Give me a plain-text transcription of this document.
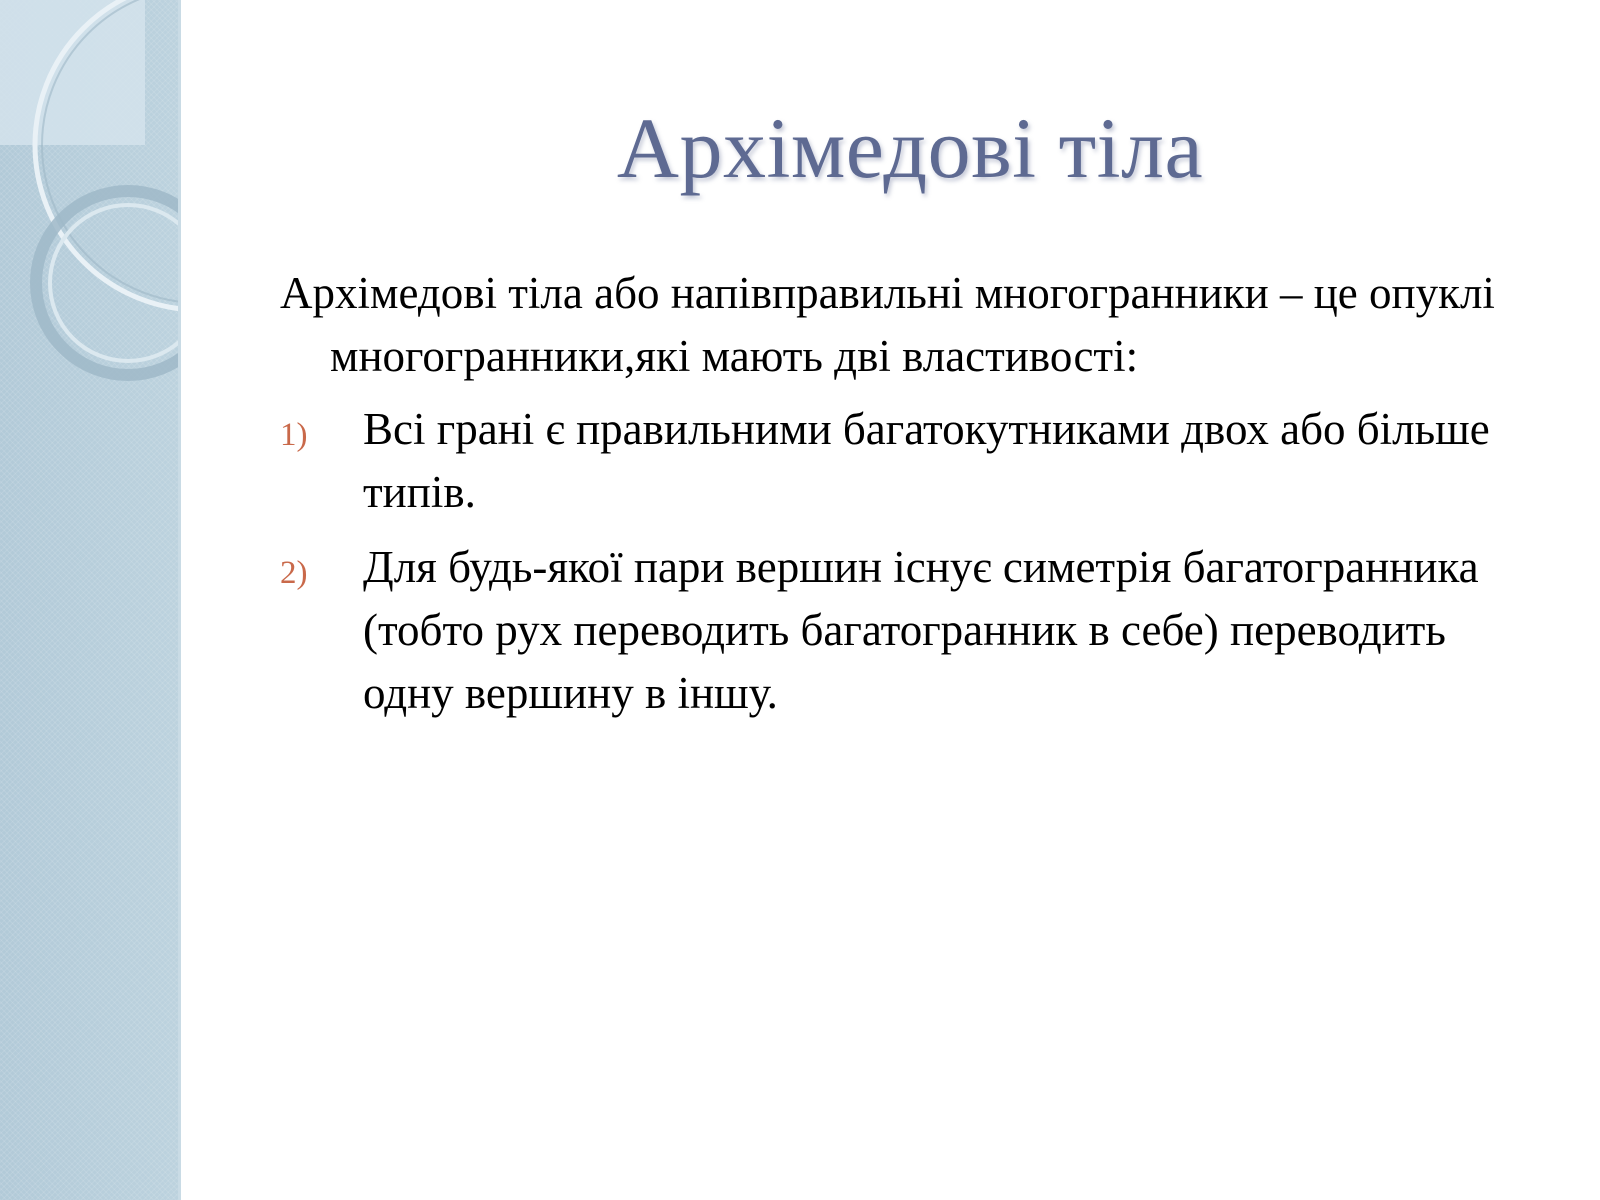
Архімедові тіла

Архімедові тіла або напівправильні многогранники – це опуклі многогранники,які мають дві властивості:

1) Всі грані є правильними багатокутниками двох або більше типів.
2) Для будь-якої пари вершин існує симетрія багатогранника (тобто рух переводить багатогранник в себе) переводить одну вершину в іншу.
